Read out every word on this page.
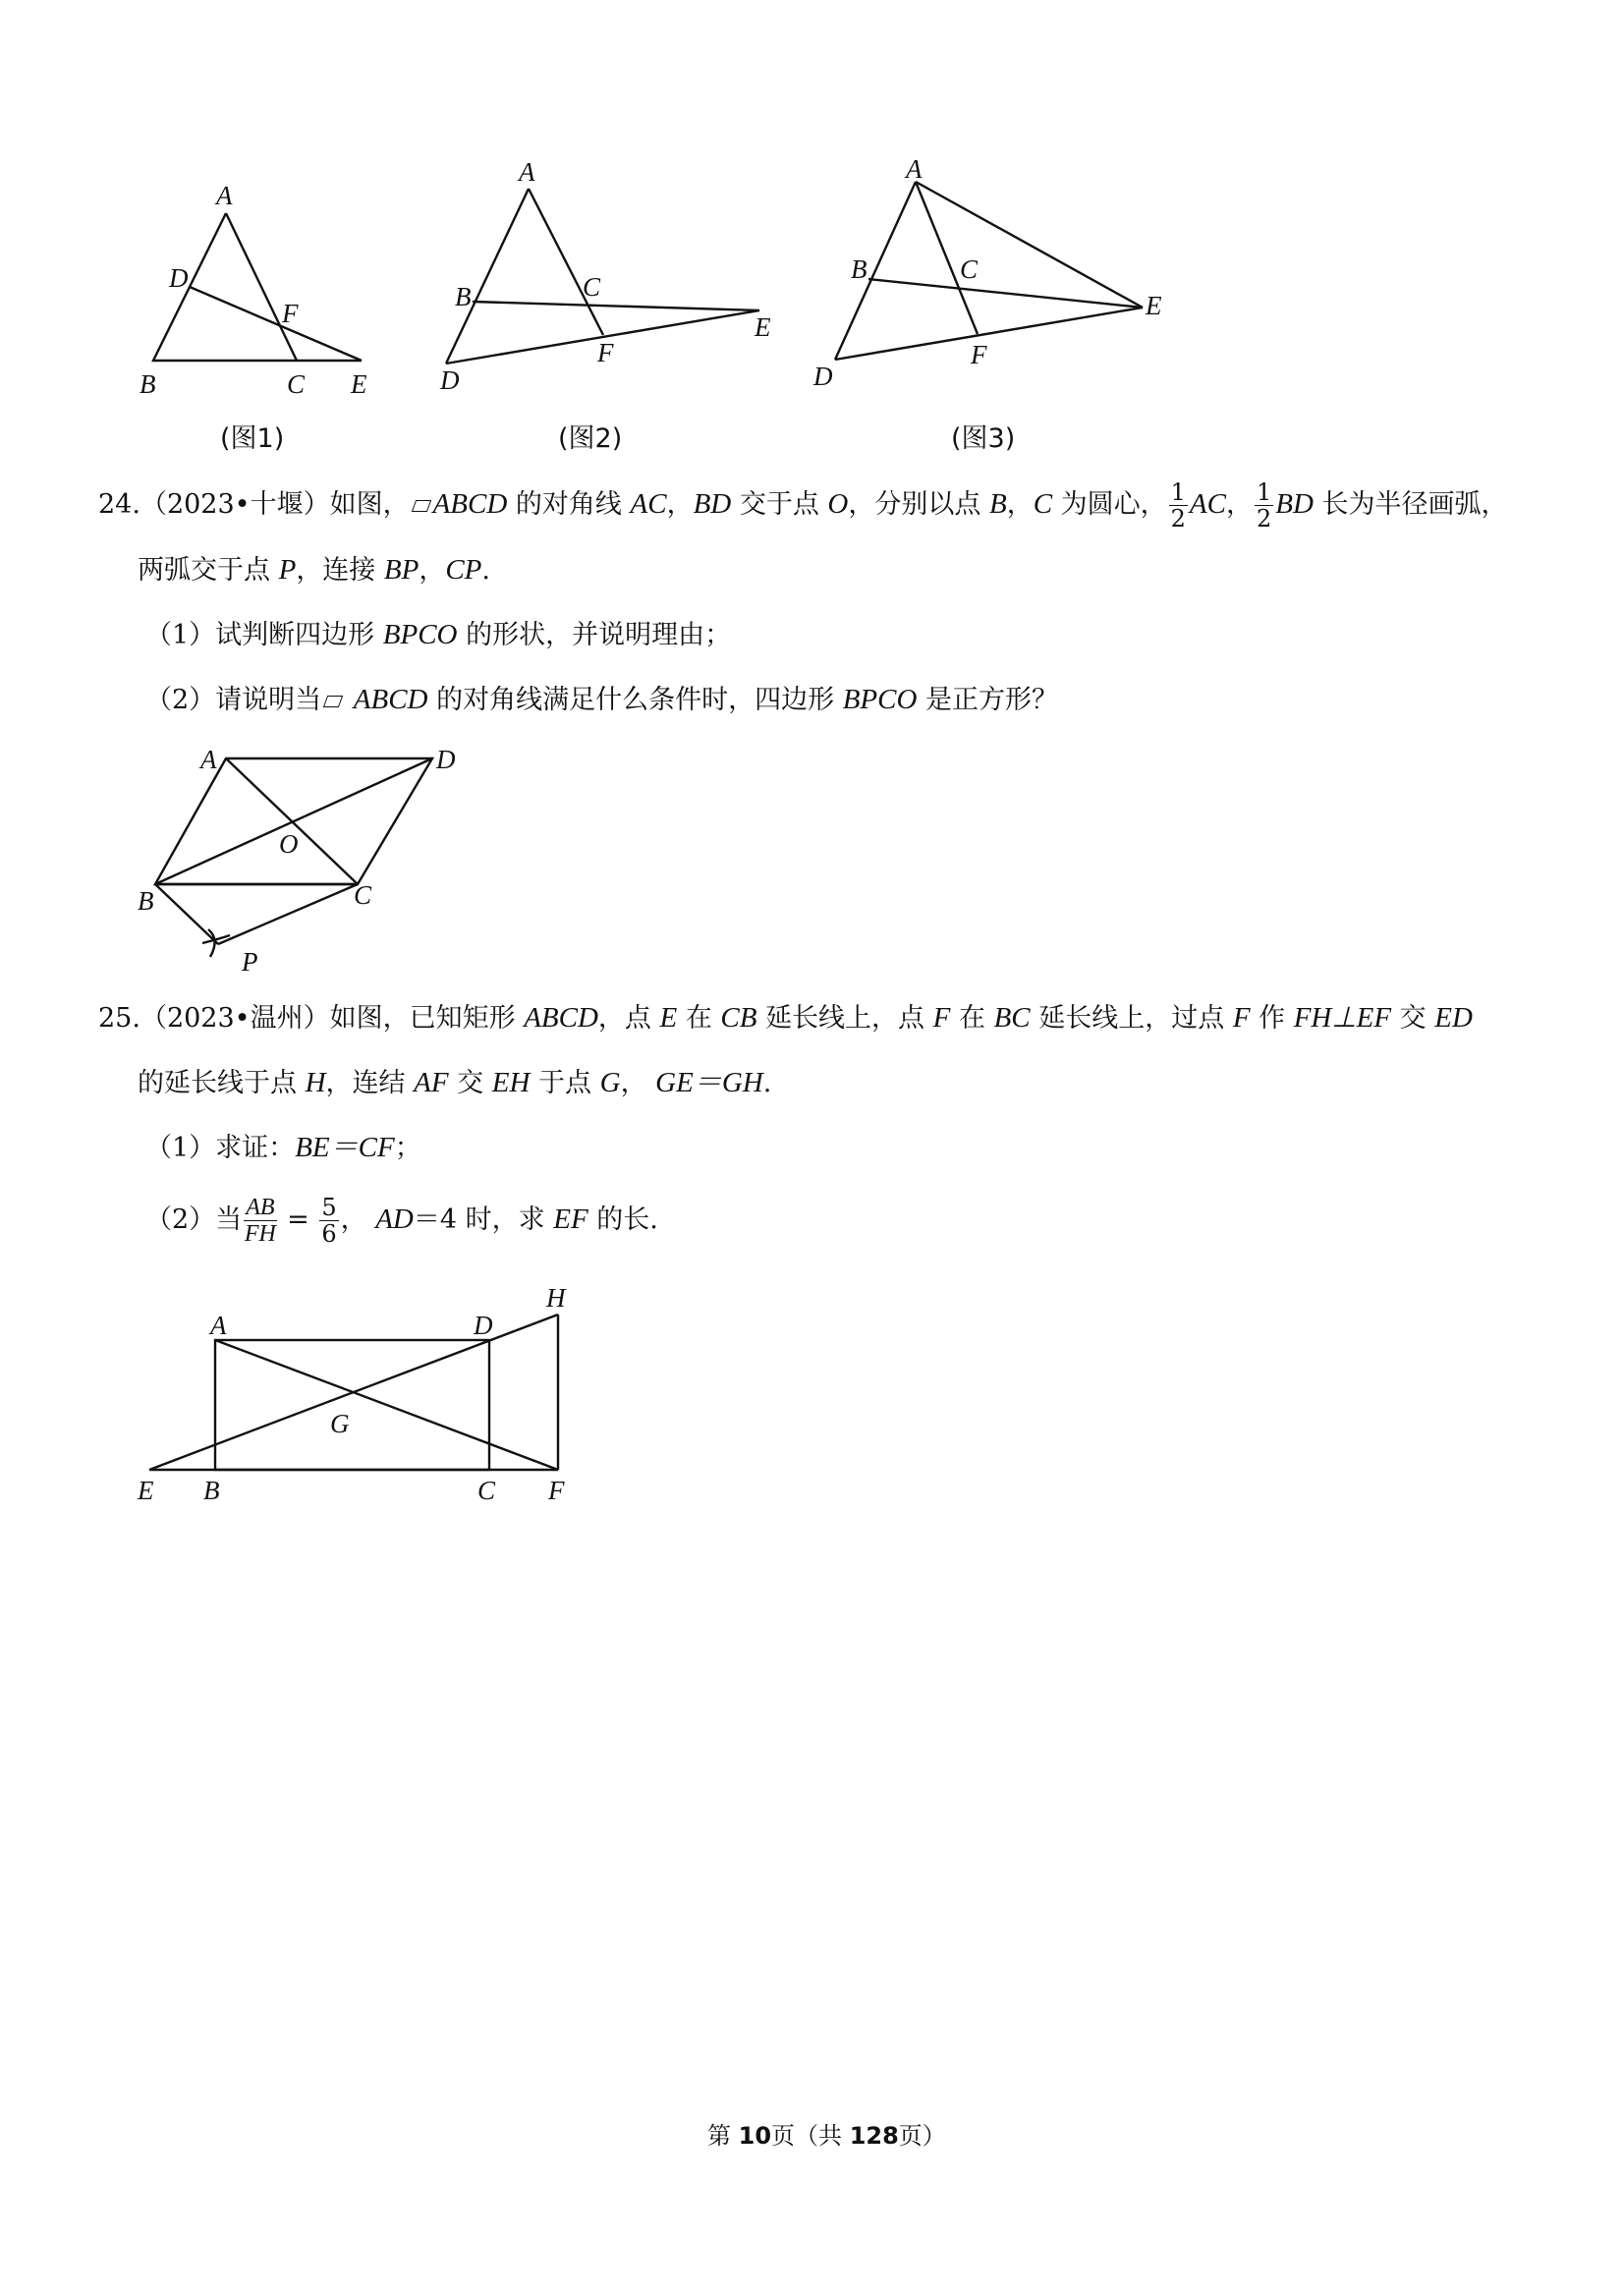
A
D
F
B	C E
A
B	C
E
F
D
A
B	C
E
F
D
(图1)	(图2)	(图3)
24.（2023•十堰）如图， ABCD 的对角线 AC，BD 交于点 O，分别以点 B，C 为圆心， $\frac{1}{2}$ AC， $\frac{1}{2}$ BD 长为半径画弧，
两弧交于点 P，连接 BP，CP.
（1）试判断四边形 BPCO 的形状，并说明理由；
（2）请说明当 ABCD 的对角线满足什么条件时，四边形 BPCO 是正方形？
A	D
O
B	C
P
25.（2023•温州）如图，已知矩形 ABCD，点 E 在 CB 延长线上，点 F 在 BC 延长线上，过点 F 作 FH⊥EF 交 ED
的延长线于点 H，连结 AF 交 EH 于点 G， GE＝GH.
（1）求证：BE＝CF；
（2）当 $\frac{AB}{FH} = \frac{5}{6}$ ， AD＝4 时，求 EF 的长.
A	D
H
G
E B	C F
第 10页（共 128页）
